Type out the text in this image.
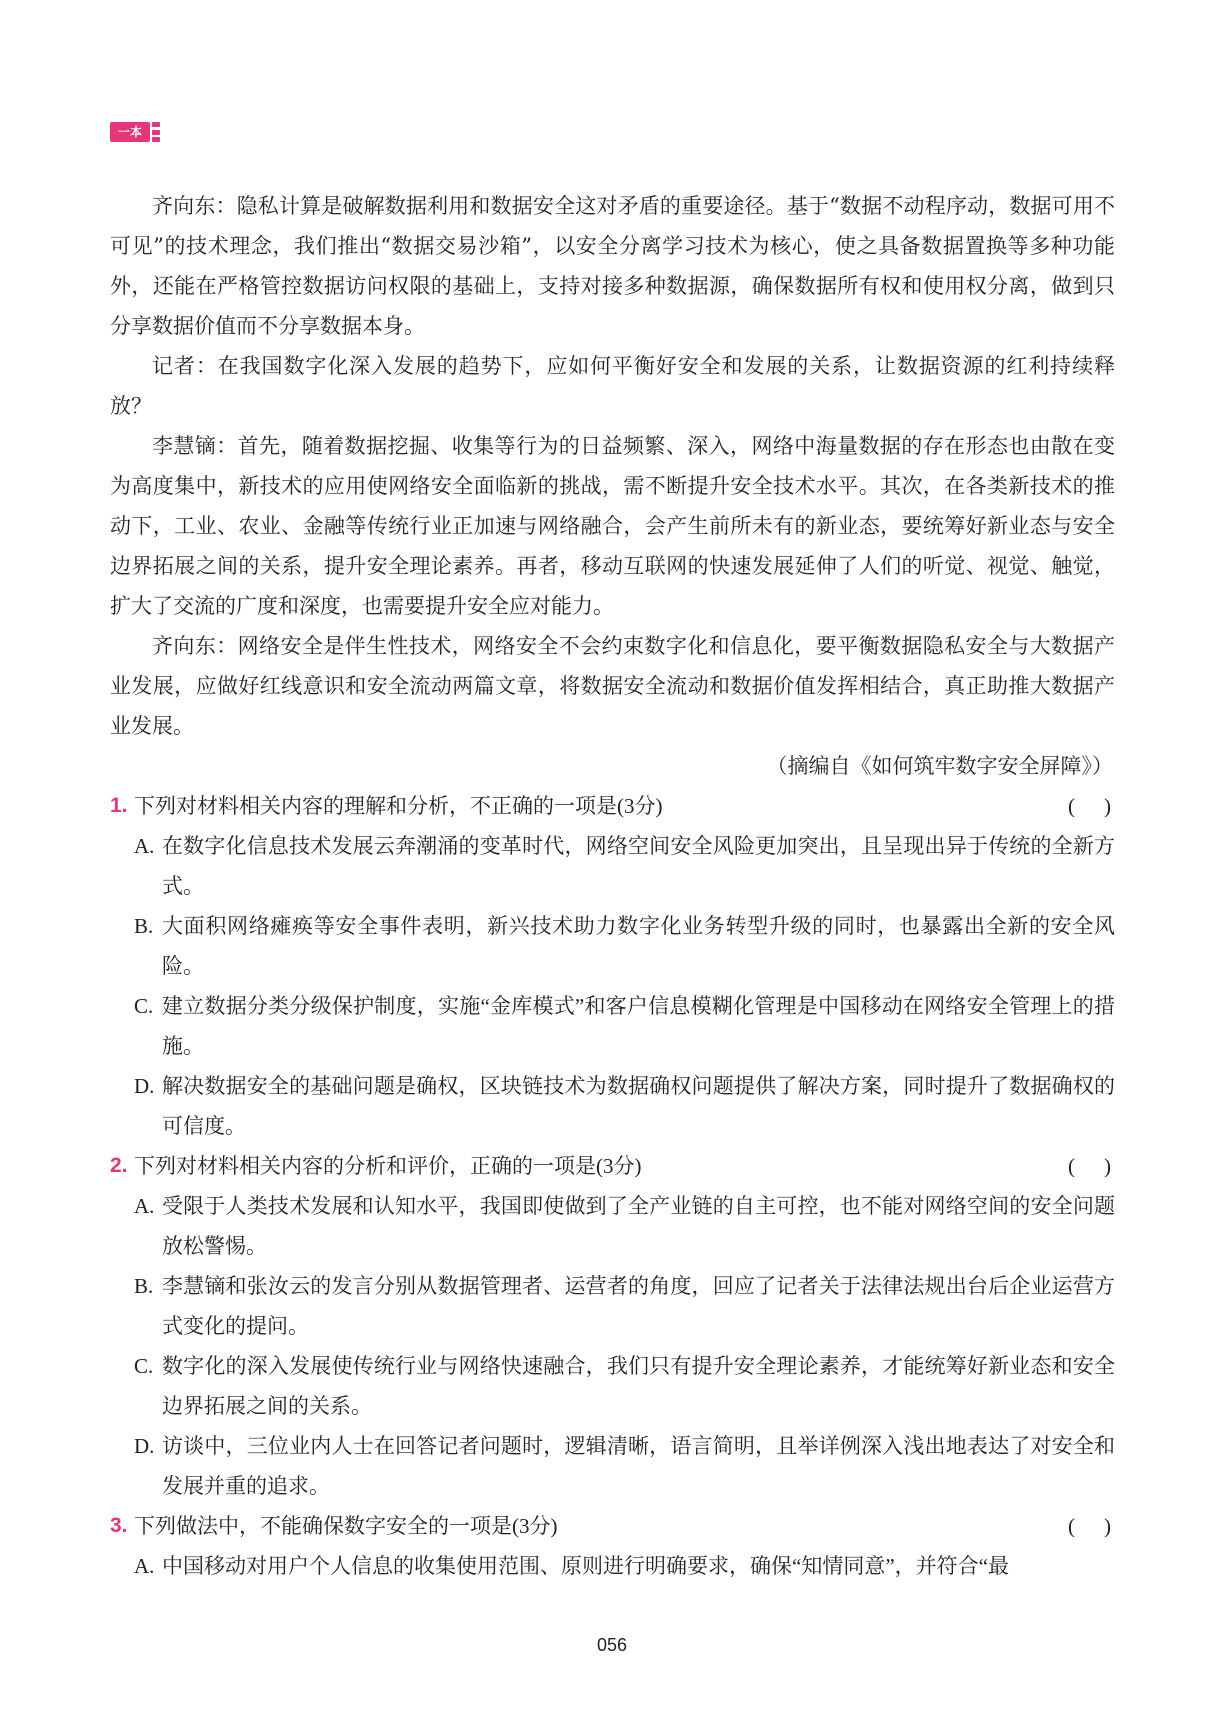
一本

齐向东：隐私计算是破解数据利用和数据安全这对矛盾的重要途径。基于“数据不动程序动，数据可用不可见”的技术理念，我们推出“数据交易沙箱”，以安全分离学习技术为核心，使之具备数据置换等多种功能外，还能在严格管控数据访问权限的基础上，支持对接多种数据源，确保数据所有权和使用权分离，做到只分享数据价值而不分享数据本身。

记者：在我国数字化深入发展的趋势下，应如何平衡好安全和发展的关系，让数据资源的红利持续释放？

李慧镝：首先，随着数据挖掘、收集等行为的日益频繁、深入，网络中海量数据的存在形态也由散在变为高度集中，新技术的应用使网络安全面临新的挑战，需不断提升安全技术水平。其次，在各类新技术的推动下，工业、农业、金融等传统行业正加速与网络融合，会产生前所未有的新业态，要统筹好新业态与安全边界拓展之间的关系，提升安全理论素养。再者，移动互联网的快速发展延伸了人们的听觉、视觉、触觉，扩大了交流的广度和深度，也需要提升安全应对能力。

齐向东：网络安全是伴生性技术，网络安全不会约束数字化和信息化，要平衡数据隐私安全与大数据产业发展，应做好红线意识和安全流动两篇文章，将数据安全流动和数据价值发挥相结合，真正助推大数据产业发展。

（摘编自《如何筑牢数字安全屏障》）

1. 下列对材料相关内容的理解和分析，不正确的一项是(3分)	(　)
A. 在数字化信息技术发展云奔潮涌的变革时代，网络空间安全风险更加突出，且呈现出异于传统的全新方式。
B. 大面积网络瘫痪等安全事件表明，新兴技术助力数字化业务转型升级的同时，也暴露出全新的安全风险。
C. 建立数据分类分级保护制度，实施“金库模式”和客户信息模糊化管理是中国移动在网络安全管理上的措施。
D. 解决数据安全的基础问题是确权，区块链技术为数据确权问题提供了解决方案，同时提升了数据确权的可信度。
2. 下列对材料相关内容的分析和评价，正确的一项是(3分)	(　)
A. 受限于人类技术发展和认知水平，我国即使做到了全产业链的自主可控，也不能对网络空间的安全问题放松警惕。
B. 李慧镝和张汝云的发言分别从数据管理者、运营者的角度，回应了记者关于法律法规出台后企业运营方式变化的提问。
C. 数字化的深入发展使传统行业与网络快速融合，我们只有提升安全理论素养，才能统筹好新业态和安全边界拓展之间的关系。
D. 访谈中，三位业内人士在回答记者问题时，逻辑清晰，语言简明，且举详例深入浅出地表达了对安全和发展并重的追求。
3. 下列做法中，不能确保数字安全的一项是(3分)	(　)
A. 中国移动对用户个人信息的收集使用范围、原则进行明确要求，确保“知情同意”，并符合“最
056
